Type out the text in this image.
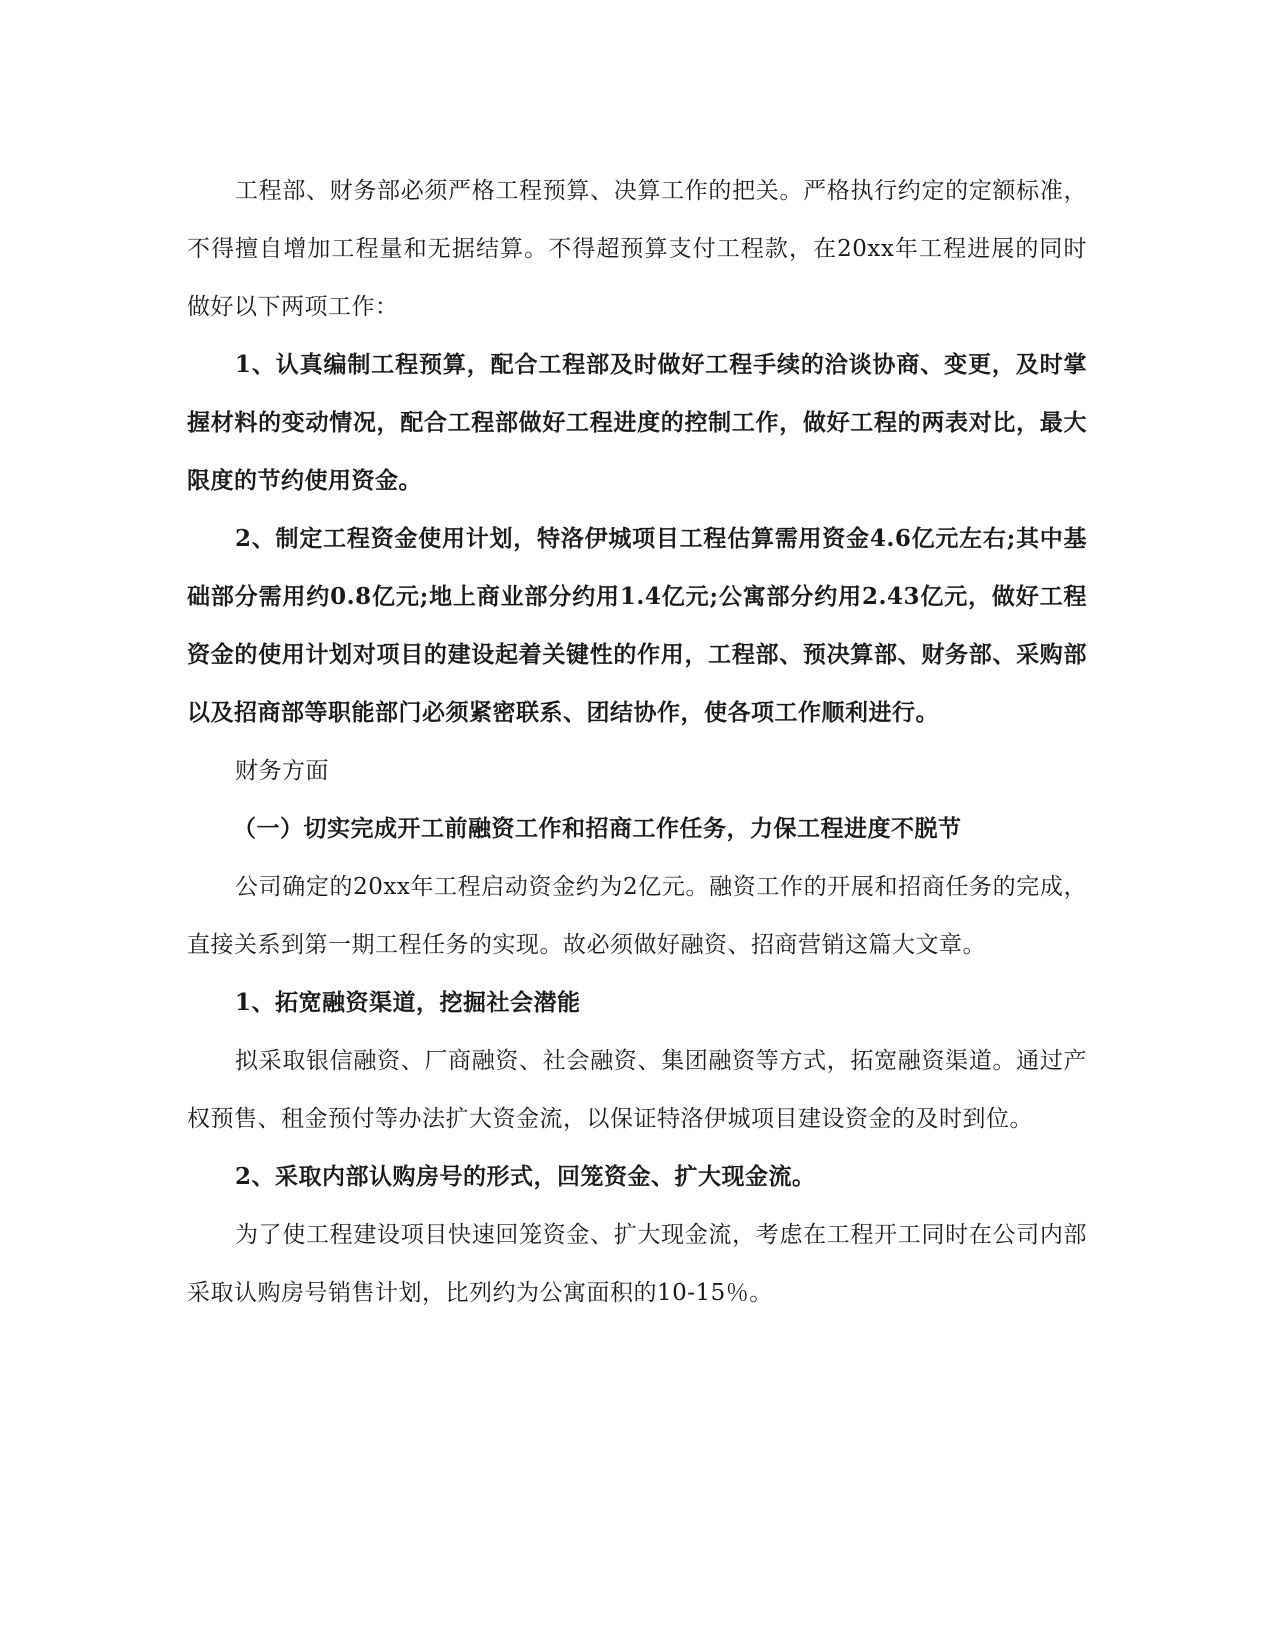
工程部、财务部必须严格工程预算、决算工作的把关。严格执行约定的定额标准，不得擅自增加工程量和无据结算。不得超预算支付工程款，在20xx年工程进展的同时做好以下两项工作：

1、认真编制工程预算，配合工程部及时做好工程手续的洽谈协商、变更，及时掌握材料的变动情况，配合工程部做好工程进度的控制工作，做好工程的两表对比，最大限度的节约使用资金。

2、制定工程资金使用计划，特洛伊城项目工程估算需用资金4.6亿元左右;其中基础部分需用约0.8亿元;地上商业部分约用1.4亿元;公寓部分约用2.43亿元，做好工程资金的使用计划对项目的建设起着关键性的作用，工程部、预决算部、财务部、采购部以及招商部等职能部门必须紧密联系、团结协作，使各项工作顺利进行。

财务方面

（一）切实完成开工前融资工作和招商工作任务，力保工程进度不脱节

公司确定的20xx年工程启动资金约为2亿元。融资工作的开展和招商任务的完成，直接关系到第一期工程任务的实现。故必须做好融资、招商营销这篇大文章。

1、拓宽融资渠道，挖掘社会潜能

拟采取银信融资、厂商融资、社会融资、集团融资等方式，拓宽融资渠道。通过产权预售、租金预付等办法扩大资金流，以保证特洛伊城项目建设资金的及时到位。

2、采取内部认购房号的形式，回笼资金、扩大现金流。

为了使工程建设项目快速回笼资金、扩大现金流，考虑在工程开工同时在公司内部采取认购房号销售计划，比列约为公寓面积的10-15％。
